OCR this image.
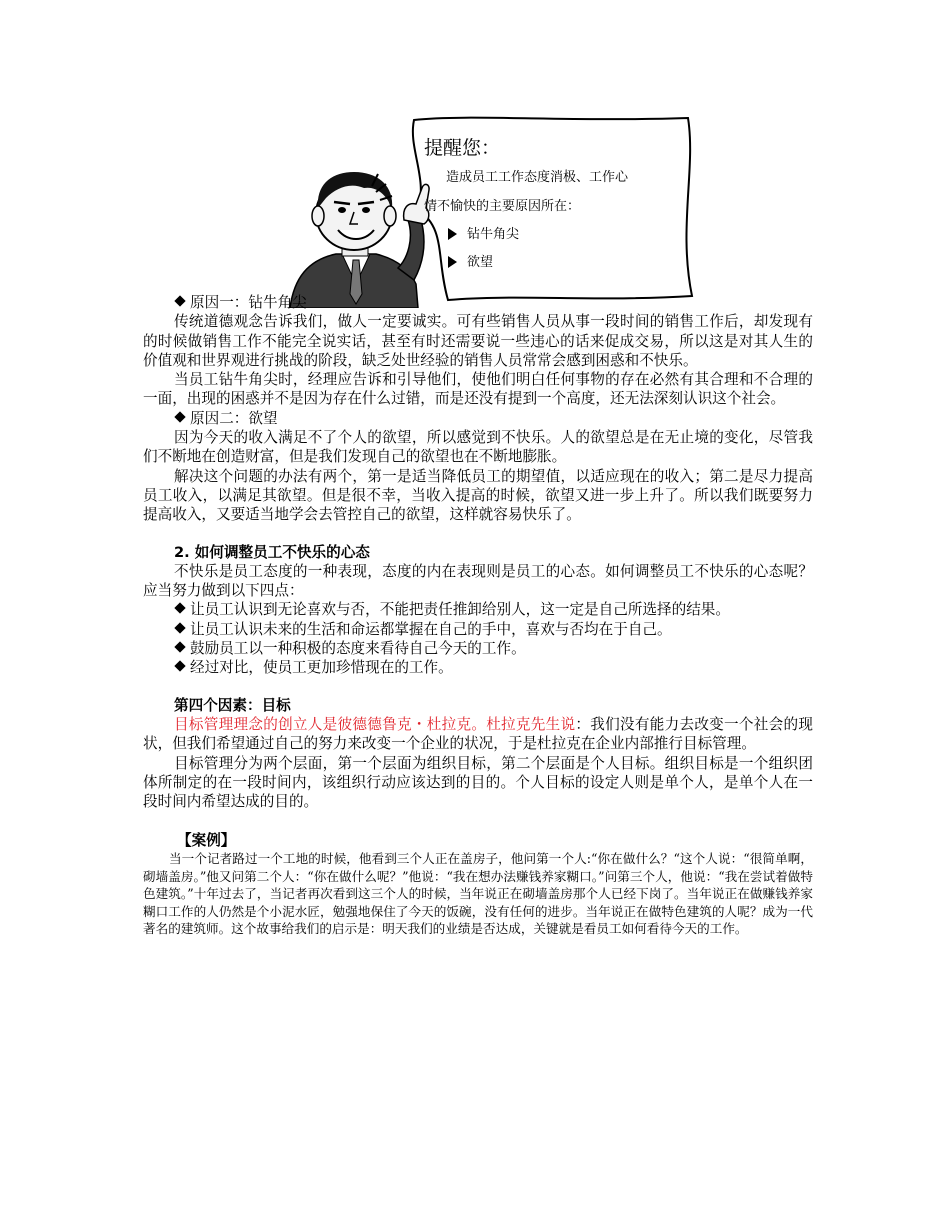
提醒您：
造成员工工作态度消极、工作心
情不愉快的主要原因所在：
钻牛角尖
欲望

原因一：钻牛角尖

传统道德观念告诉我们，做人一定要诚实。可有些销售人员从事一段时间的销售工作后，却发现有的时候做销售工作不能完全说实话，甚至有时还需要说一些违心的话来促成交易，所以这是对其人生的价值观和世界观进行挑战的阶段，缺乏处世经验的销售人员常常会感到困惑和不快乐。

当员工钻牛角尖时，经理应告诉和引导他们，使他们明白任何事物的存在必然有其合理和不合理的一面，出现的困惑并不是因为存在什么过错，而是还没有提到一个高度，还无法深刻认识这个社会。

原因二：欲望

因为今天的收入满足不了个人的欲望，所以感觉到不快乐。人的欲望总是在无止境的变化，尽管我们不断地在创造财富，但是我们发现自己的欲望也在不断地膨胀。

解决这个问题的办法有两个，第一是适当降低员工的期望值，以适应现在的收入；第二是尽力提高员工收入，以满足其欲望。但是很不幸，当收入提高的时候，欲望又进一步上升了。所以我们既要努力提高收入，又要适当地学会去管控自己的欲望，这样就容易快乐了。

2. 如何调整员工不快乐的心态

不快乐是员工态度的一种表现，态度的内在表现则是员工的心态。如何调整员工不快乐的心态呢？应当努力做到以下四点：

让员工认识到无论喜欢与否，不能把责任推卸给别人，这一定是自己所选择的结果。

让员工认识未来的生活和命运都掌握在自己的手中，喜欢与否均在于自己。

鼓励员工以一种积极的态度来看待自己今天的工作。

经过对比，使员工更加珍惜现在的工作。

第四个因素：目标

目标管理理念的创立人是彼德德鲁克・杜拉克。杜拉克先生说：我们没有能力去改变一个社会的现状，但我们希望通过自己的努力来改变一个企业的状况，于是杜拉克在企业内部推行目标管理。

目标管理分为两个层面，第一个层面为组织目标，第二个层面是个人目标。组织目标是一个组织团体所制定的在一段时间内，该组织行动应该达到的目的。个人目标的设定人则是单个人，是单个人在一段时间内希望达成的目的。

【案例】

当一个记者路过一个工地的时候，他看到三个人正在盖房子，他问第一个人:“你在做什么？“这个人说：“很简单啊，砌墙盖房。”他又问第二个人：“你在做什么呢？”他说：“我在想办法赚钱养家糊口。”问第三个人，他说：“我在尝试着做特色建筑。”十年过去了，当记者再次看到这三个人的时候，当年说正在砌墙盖房那个人已经下岗了。当年说正在做赚钱养家糊口工作的人仍然是个小泥水匠，勉强地保住了今天的饭碗，没有任何的进步。当年说正在做特色建筑的人呢？成为一代著名的建筑师。这个故事给我们的启示是：明天我们的业绩是否达成，关键就是看员工如何看待今天的工作。
